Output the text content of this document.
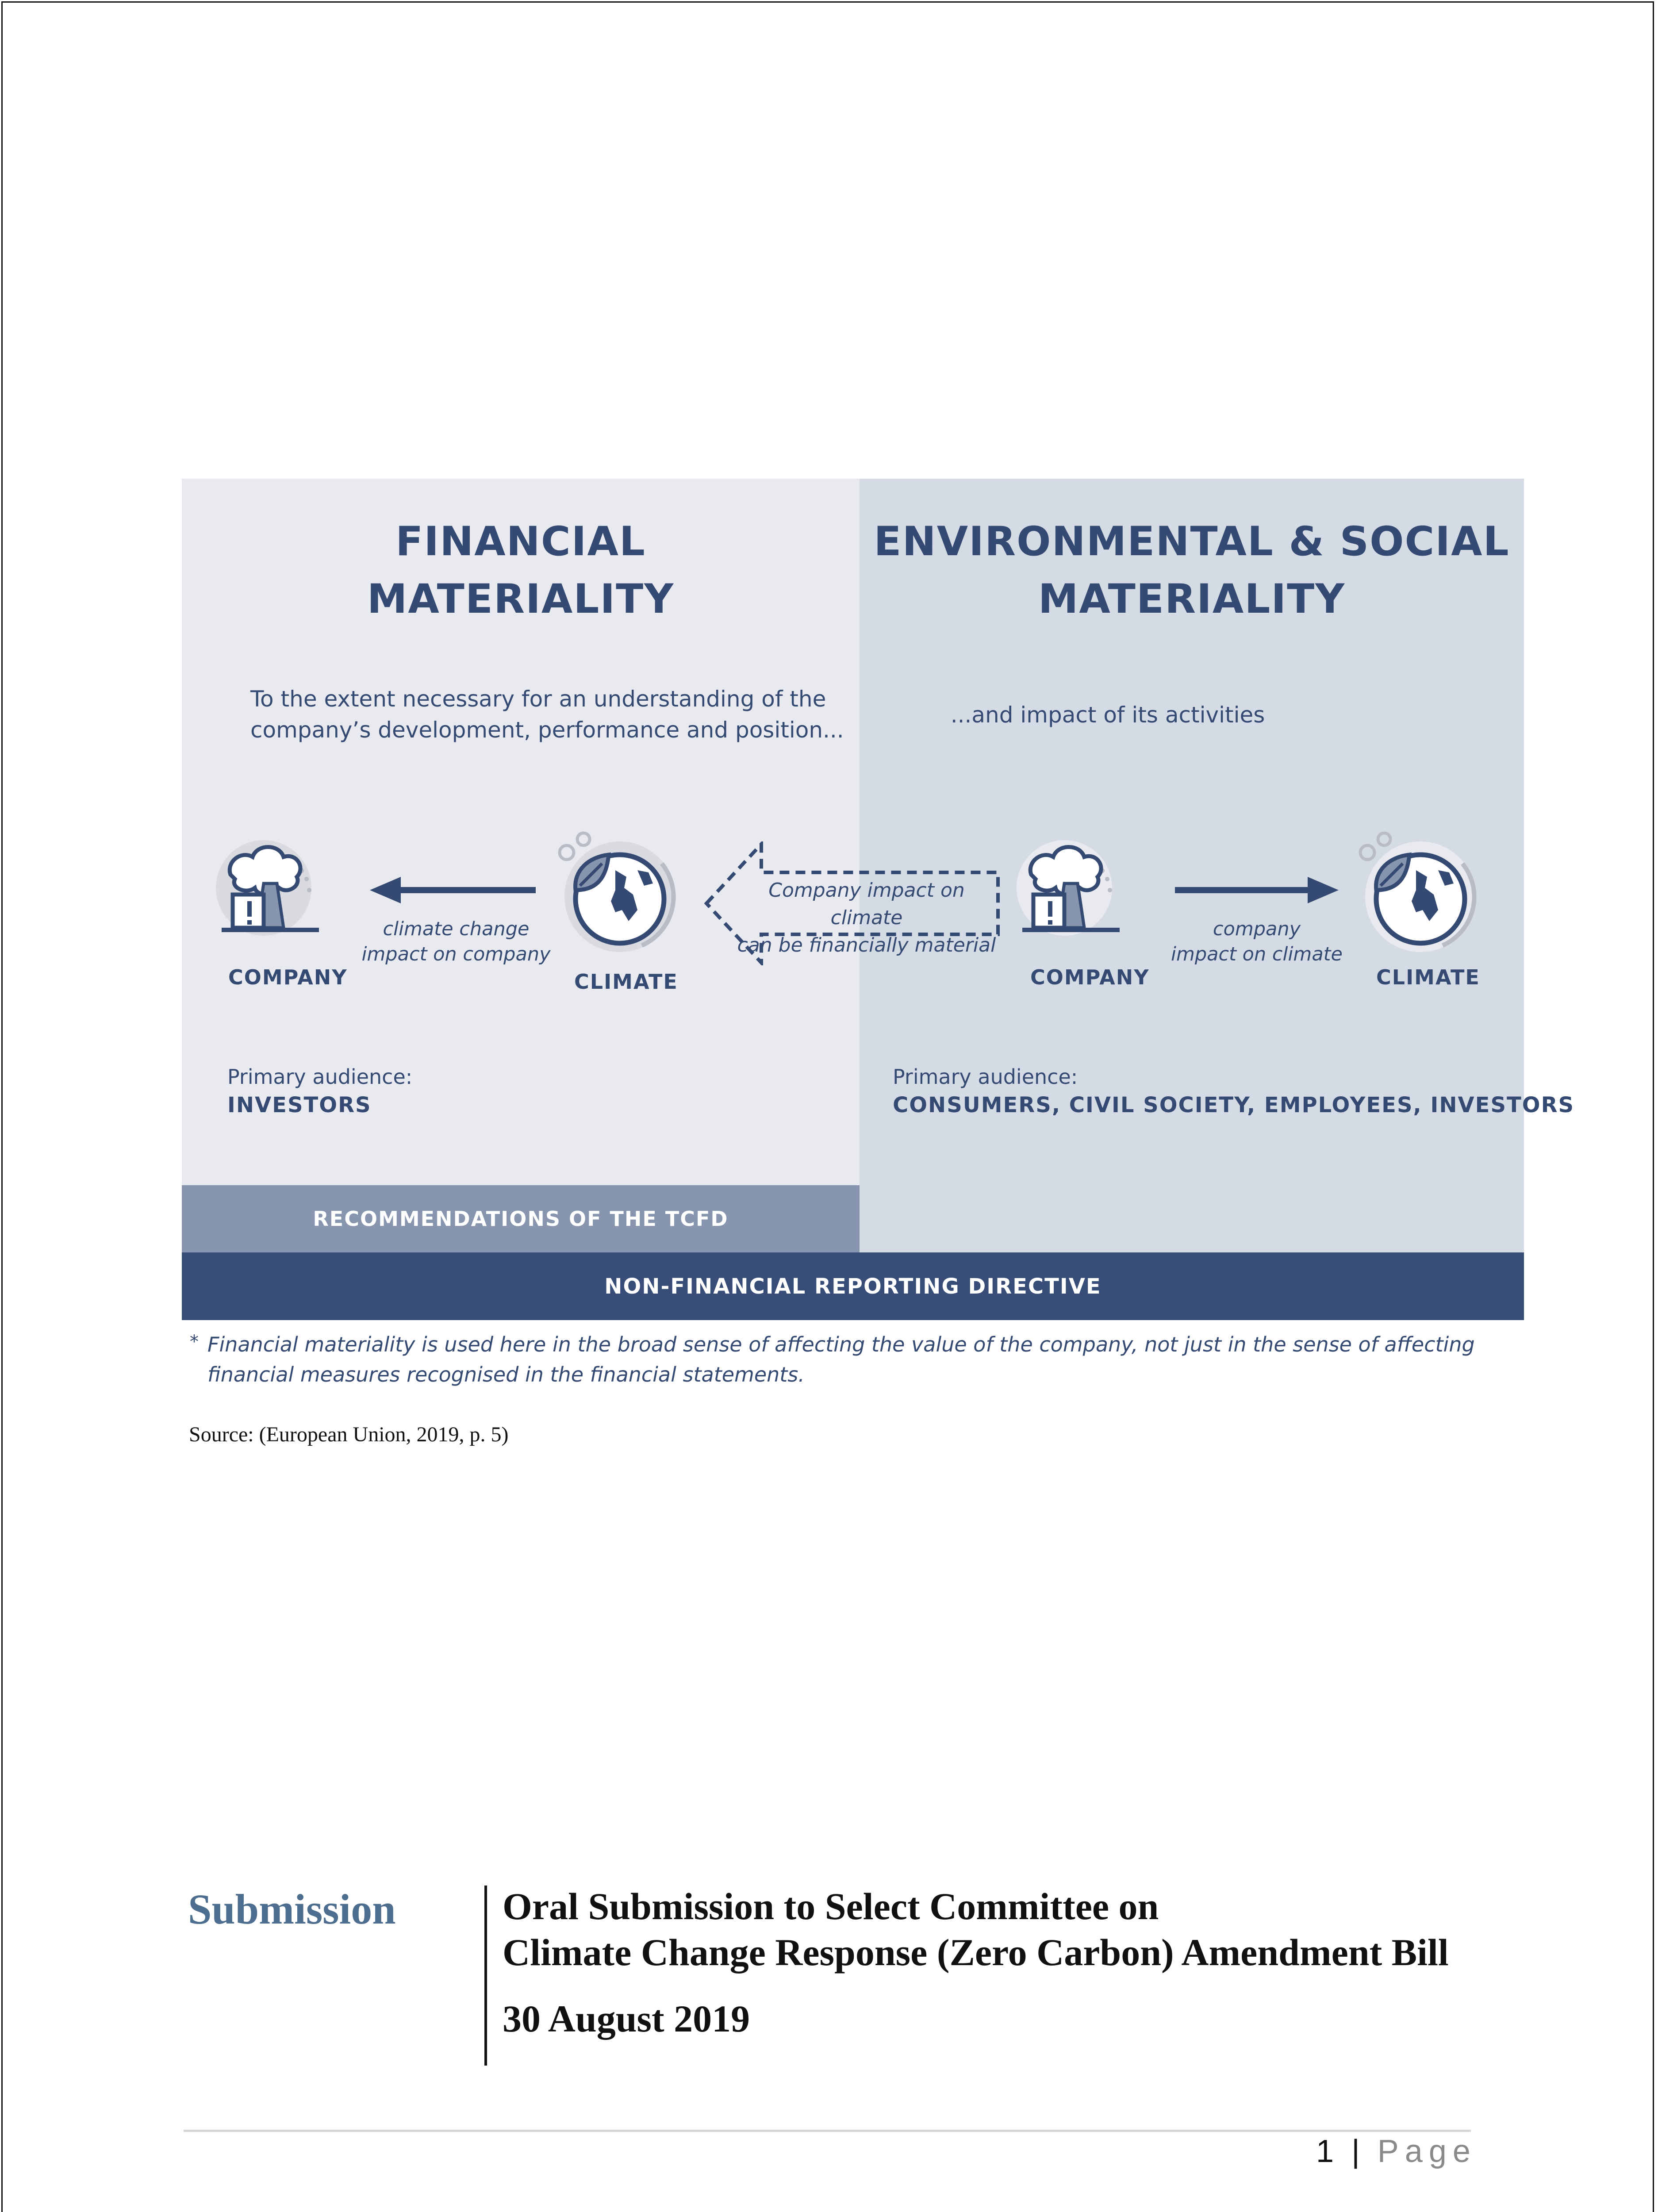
FINANCIAL
MATERIALITY
ENVIRONMENTAL & SOCIAL
MATERIALITY
To the extent necessary for an understanding of the
company’s development, performance and position...
...and impact of its activities
COMPANY
climate change
impact on company
CLIMATE
Company impact on climate
can be financially material
COMPANY
company
impact on climate
CLIMATE
Primary audience:
INVESTORS
Primary audience:
CONSUMERS, CIVIL SOCIETY, EMPLOYEES, INVESTORS
RECOMMENDATIONS OF THE TCFD
NON-FINANCIAL REPORTING DIRECTIVE
* Financial materiality is used here in the broad sense of affecting the value of the company, not just in the sense of affecting financial measures recognised in the financial statements.
Source: (European Union, 2019, p. 5)
Submission	Oral Submission to Select Committee on
Climate Change Response (Zero Carbon) Amendment Bill
30 August 2019
1 | Page
